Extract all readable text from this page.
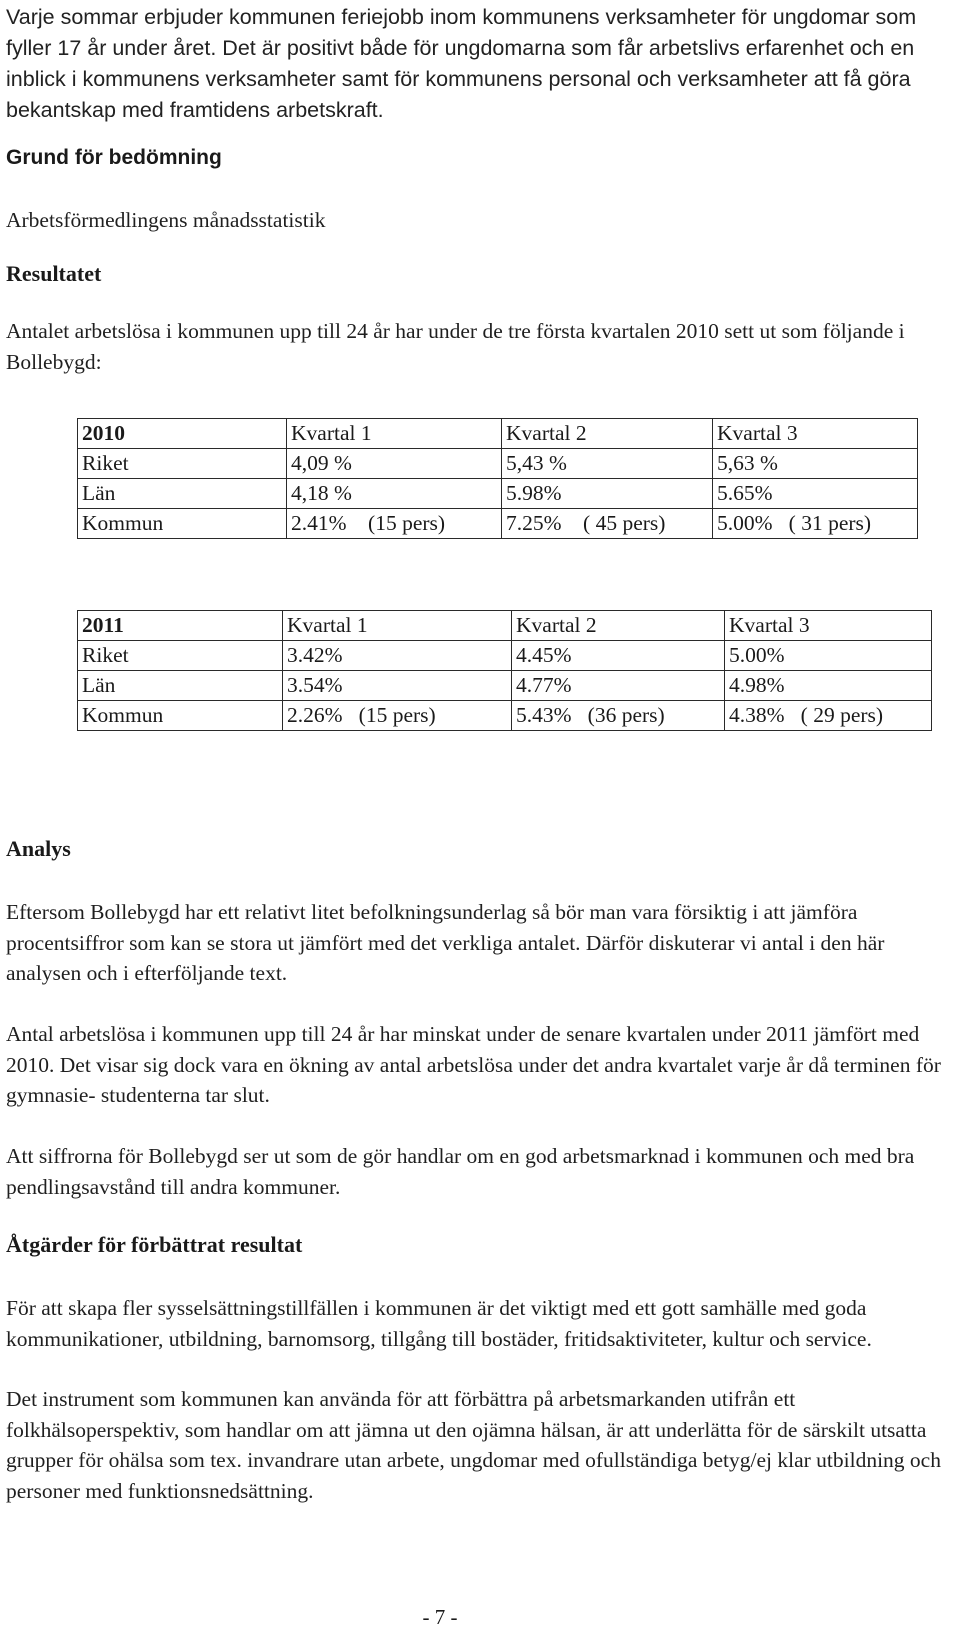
Varje sommar erbjuder kommunen feriejobb inom kommunens verksamheter för ungdomar som fyller 17 år under året. Det är positivt både för ungdomarna som får arbetslivs erfarenhet och en inblick i kommunens verksamheter samt för kommunens personal och verksamheter att få göra bekantskap med framtidens arbetskraft.

Grund för bedömning

Arbetsförmedlingens månadsstatistik

Resultatet

Antalet arbetslösa i kommunen upp till 24 år har under de tre första kvartalen 2010 sett ut som följande i Bollebygd:

2010	Kvartal 1	Kvartal 2	Kvartal 3
Riket	4,09 %	5,43 %	5,63 %
Län	4,18 %	5.98%	5.65%
Kommun	2.41%    (15 pers)	7.25%    ( 45 pers)	5.00%   ( 31 pers)
2011	Kvartal 1	Kvartal 2	Kvartal 3
Riket	3.42%	4.45%	5.00%
Län	3.54%	4.77%	4.98%
Kommun	2.26%   (15 pers)	5.43%   (36 pers)	4.38%   ( 29 pers)
Analys

Eftersom Bollebygd har ett relativt litet befolkningsunderlag så bör man vara försiktig i att jämföra procentsiffror som kan se stora ut jämfört med det verkliga antalet. Därför diskuterar vi antal i den här analysen och i efterföljande text.

Antal arbetslösa i kommunen upp till 24 år har minskat under de senare kvartalen under 2011 jämfört med 2010. Det visar sig dock vara en ökning av antal arbetslösa under det andra kvartalet varje år då terminen för gymnasie- studenterna tar slut.

Att siffrorna för Bollebygd ser ut som de gör handlar om en god arbetsmarknad i kommunen och med bra pendlingsavstånd till andra kommuner.

Åtgärder för förbättrat resultat

För att skapa fler sysselsättningstillfällen i kommunen är det viktigt med ett gott samhälle med goda kommunikationer, utbildning, barnomsorg, tillgång till bostäder, fritidsaktiviteter, kultur och service.

Det instrument som kommunen kan använda för att förbättra på arbetsmarkanden utifrån ett folkhälsoperspektiv, som handlar om att jämna ut den ojämna hälsan, är att underlätta för de särskilt utsatta grupper för ohälsa som tex. invandrare utan arbete, ungdomar med ofullständiga betyg/ej klar utbildning och personer med funktionsnedsättning.

- 7 -
